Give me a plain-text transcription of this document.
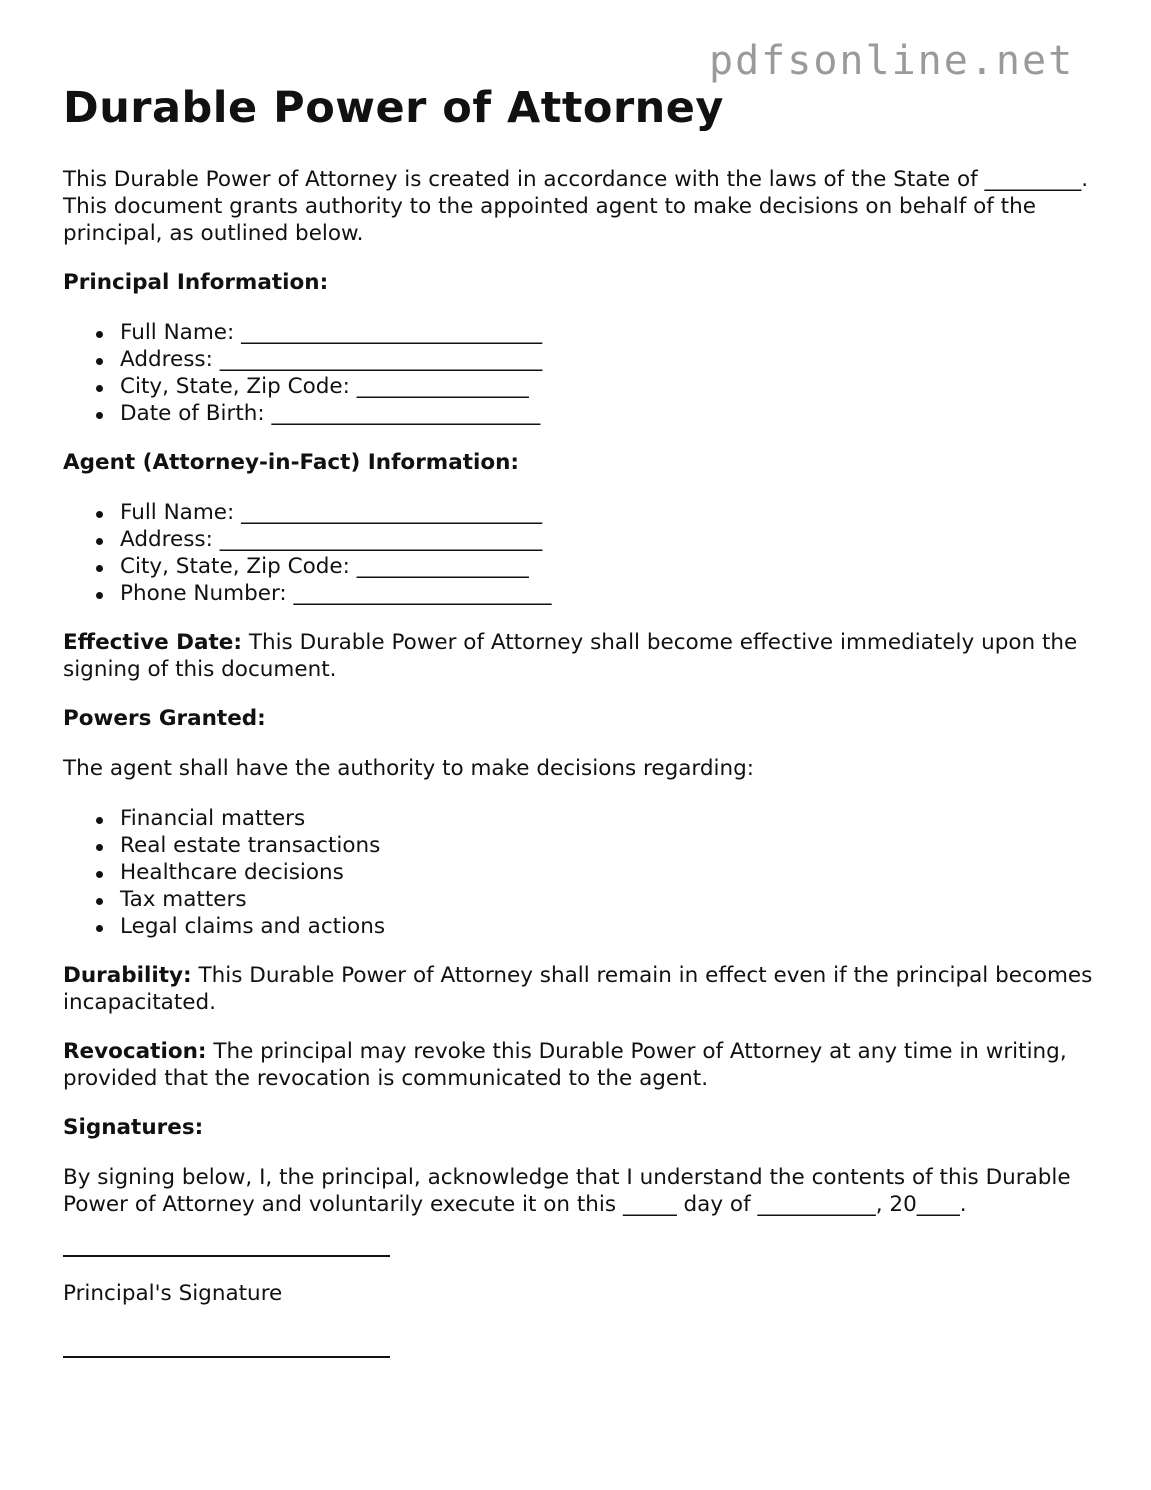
pdfsonline.net
Durable Power of Attorney

This Durable Power of Attorney is created in accordance with the laws of the State of _________. This document grants authority to the appointed agent to make decisions on behalf of the principal, as outlined below.

Principal Information:

Full Name: ____________________________
Address: ______________________________
City, State, Zip Code: ________________
Date of Birth: _________________________

Agent (Attorney-in-Fact) Information:

Full Name: ____________________________
Address: ______________________________
City, State, Zip Code: ________________
Phone Number: ________________________

Effective Date: This Durable Power of Attorney shall become effective immediately upon the signing of this document.

Powers Granted:

The agent shall have the authority to make decisions regarding:

Financial matters
Real estate transactions
Healthcare decisions
Tax matters
Legal claims and actions

Durability: This Durable Power of Attorney shall remain in effect even if the principal becomes incapacitated.

Revocation: The principal may revoke this Durable Power of Attorney at any time in writing, provided that the revocation is communicated to the agent.

Signatures:

By signing below, I, the principal, acknowledge that I understand the contents of this Durable Power of Attorney and voluntarily execute it on this _____ day of ___________, 20____.

Principal's Signature
